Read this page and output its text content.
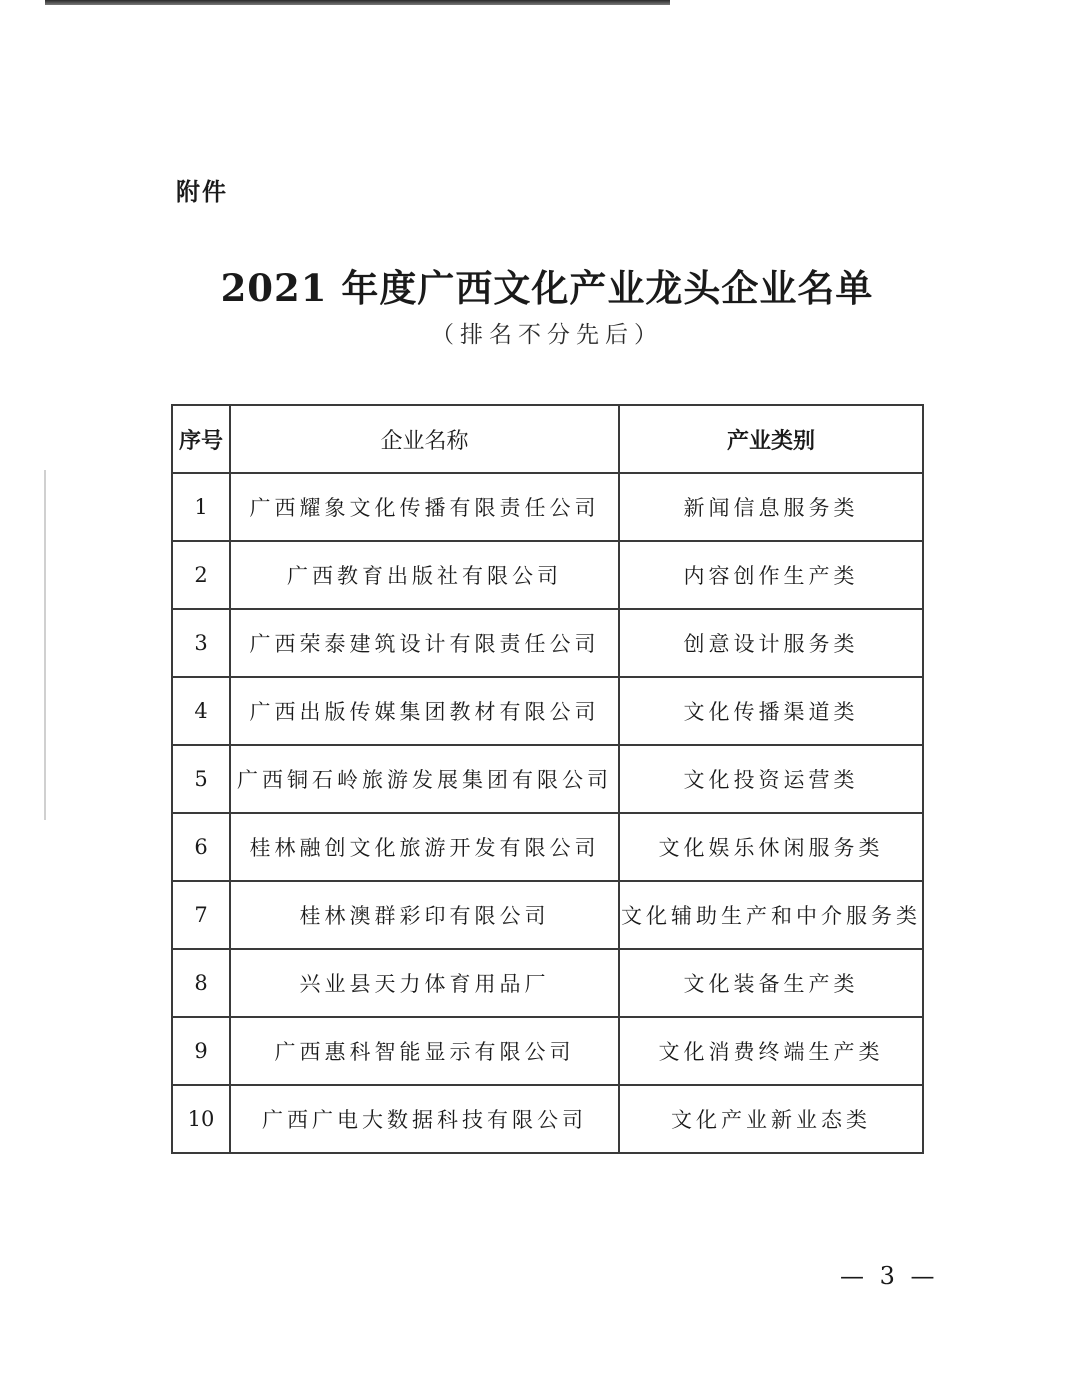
附件
2021 年度广西文化产业龙头企业名单
（排名不分先后）
序号	企业名称	产业类别
1	广西耀象文化传播有限责任公司	新闻信息服务类
2	广西教育出版社有限公司	内容创作生产类
3	广西荣泰建筑设计有限责任公司	创意设计服务类
4	广西出版传媒集团教材有限公司	文化传播渠道类
5	广西铜石岭旅游发展集团有限公司	文化投资运营类
6	桂林融创文化旅游开发有限公司	文化娱乐休闲服务类
7	桂林澳群彩印有限公司	文化辅助生产和中介服务类
8	兴业县天力体育用品厂	文化装备生产类
9	广西惠科智能显示有限公司	文化消费终端生产类
10	广西广电大数据科技有限公司	文化产业新业态类
— 3 —
